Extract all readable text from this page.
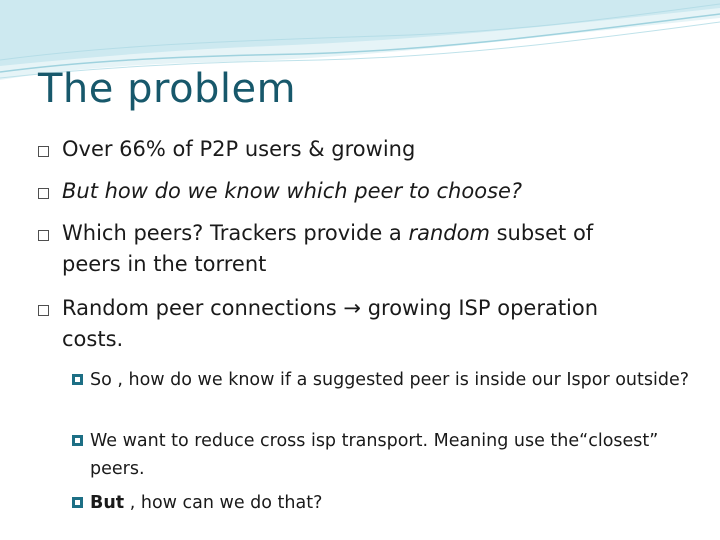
The problem

Over 66% of P2P users & growing

But how do we know which peer to choose?

Which peers? Trackers provide a random subset of
peers in the torrent

Random peer connections → growing ISP operation
costs.

So , how do we know if a suggested peer is inside our Ispor outside?

We want to reduce cross isp transport. Meaning use the“closest” peers.

But , how can we do that?
